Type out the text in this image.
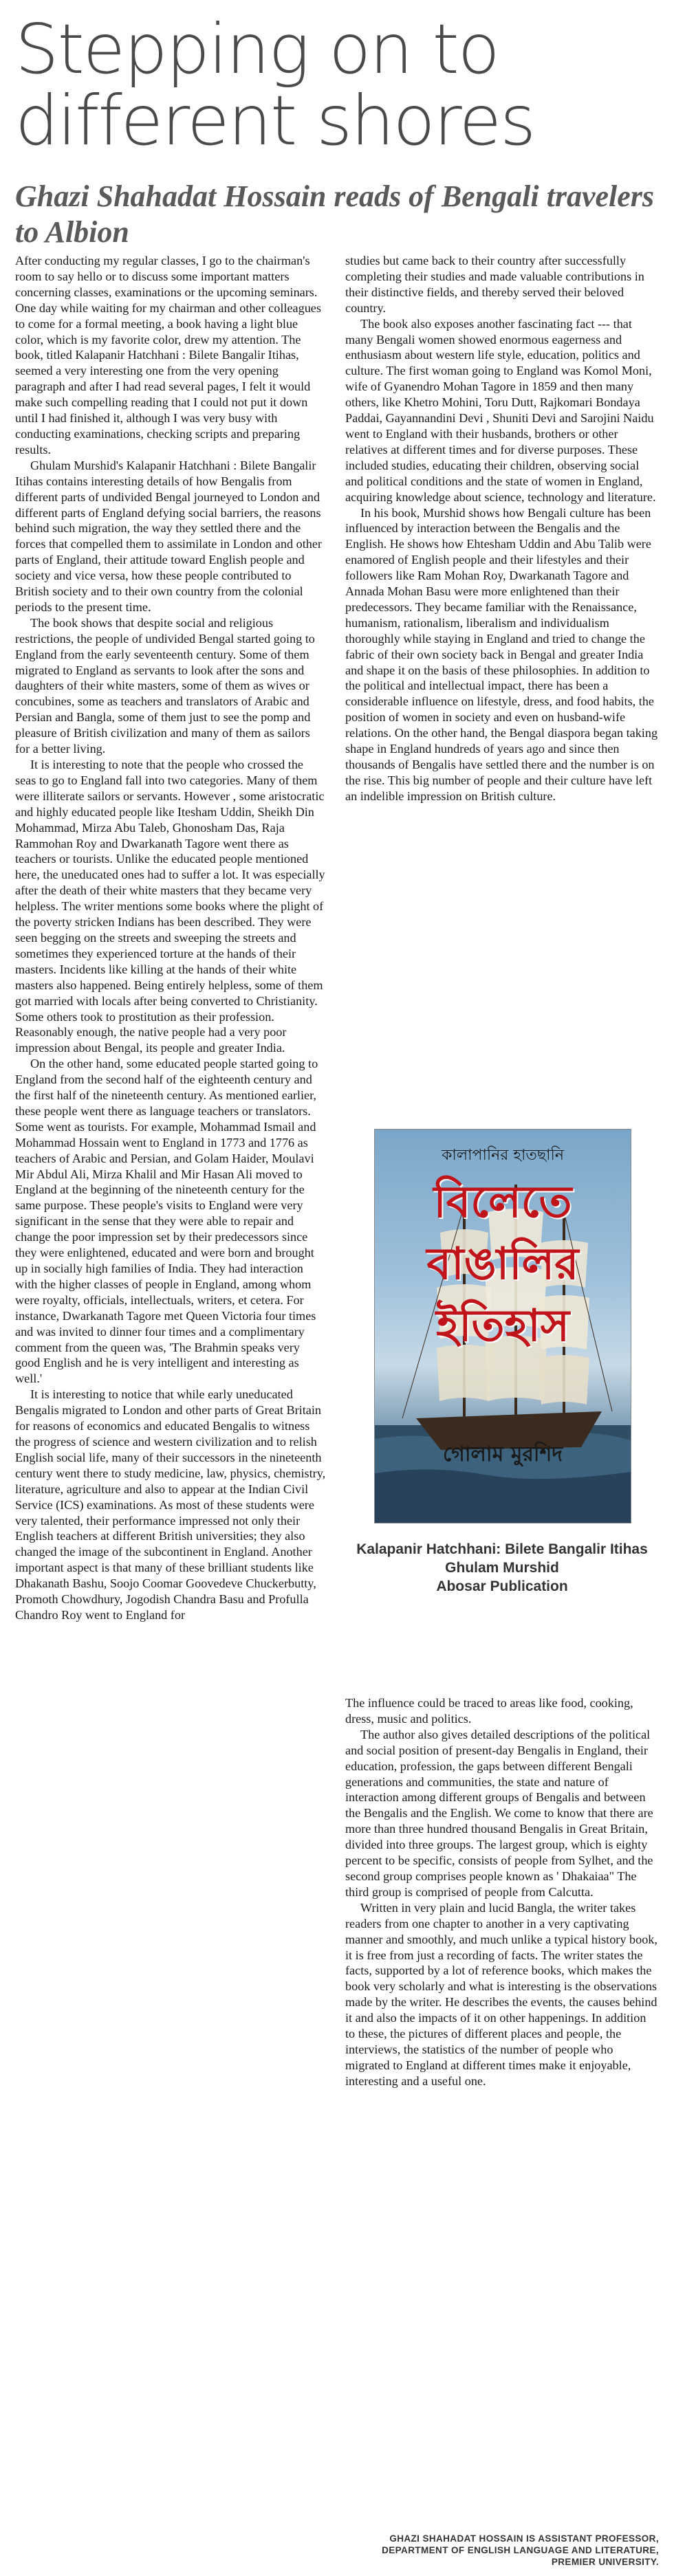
Stepping on to different shores
Ghazi Shahadat Hossain reads of Bengali travelers to Albion

After conducting my regular classes, I go to the chairman's room to say hello or to discuss some important matters concerning classes, examinations or the upcoming seminars. One day while waiting for my chairman and other colleagues to come for a formal meeting, a book having a light blue color, which is my favorite color, drew my attention. The book, titled Kalapanir Hatchhani : Bilete Bangalir Itihas, seemed a very interesting one from the very opening paragraph and after I had read several pages, I felt it would make such compelling reading that I could not put it down until I had finished it, although I was very busy with conducting examinations, checking scripts and preparing results.

Ghulam Murshid's Kalapanir Hatchhani : Bilete Bangalir Itihas contains interesting details of how Bengalis from different parts of undivided Bengal journeyed to London and different parts of England defying social barriers, the reasons behind such migration, the way they settled there and the forces that compelled them to assimilate in London and other parts of England, their attitude toward English people and society and vice versa, how these people contributed to British society and to their own country from the colonial periods to the present time.

The book shows that despite social and religious restrictions, the people of undivided Bengal started going to England from the early seventeenth century. Some of them migrated to England as servants to look after the sons and daughters of their white masters, some of them as wives or concubines, some as teachers and translators of Arabic and Persian and Bangla, some of them just to see the pomp and pleasure of British civilization and many of them as sailors for a better living.

It is interesting to note that the people who crossed the seas to go to England fall into two categories. Many of them were illiterate sailors or servants. However , some aristocratic and highly educated people like Itesham Uddin, Sheikh Din Mohammad, Mirza Abu Taleb, Ghonosham Das, Raja Rammohan Roy and Dwarkanath Tagore went there as teachers or tourists. Unlike the educated people mentioned here, the uneducated ones had to suffer a lot. It was especially after the death of their white masters that they became very helpless. The writer mentions some books where the plight of the poverty stricken Indians has been described. They were seen begging on the streets and sweeping the streets and sometimes they experienced torture at the hands of their masters. Incidents like killing at the hands of their white masters also happened. Being entirely helpless, some of them got married with locals after being converted to Christianity. Some others took to prostitution as their profession. Reasonably enough, the native people had a very poor impression about Bengal, its people and greater India.

On the other hand, some educated people started going to England from the second half of the eighteenth century and the first half of the nineteenth century. As mentioned earlier, these people went there as language teachers or translators. Some went as tourists. For example, Mohammad Ismail and Mohammad Hossain went to England in 1773 and 1776 as teachers of Arabic and Persian, and Golam Haider, Moulavi Mir Abdul Ali, Mirza Khalil and Mir Hasan Ali moved to England at the beginning of the nineteenth century for the same purpose. These people's visits to England were very significant in the sense that they were able to repair and change the poor impression set by their predecessors since they were enlightened, educated and were born and brought up in socially high families of India. They had interaction with the higher classes of people in England, among whom were royalty, officials, intellectuals, writers, et cetera. For instance, Dwarkanath Tagore met Queen Victoria four times and was invited to dinner four times and a complimentary comment from the queen was, 'The Brahmin speaks very good English and he is very intelligent and interesting as well.'

It is interesting to notice that while early uneducated Bengalis migrated to London and other parts of Great Britain for reasons of economics and educated Bengalis to witness the progress of science and western civilization and to relish English social life, many of their successors in the nineteenth century went there to study medicine, law, physics, chemistry, literature, agriculture and also to appear at the Indian Civil Service (ICS) examinations. As most of these students were very talented, their performance impressed not only their English teachers at different British universities; they also changed the image of the subcontinent in England. Another important aspect is that many of these brilliant students like Dhakanath Bashu, Soojo Coomar Goovedeve Chuckerbutty, Promoth Chowdhury, Jogodish Chandra Basu and Profulla Chandro Roy went to England for

studies but came back to their country after successfully completing their studies and made valuable contributions in their distinctive fields, and thereby served their beloved country.

The book also exposes another fascinating fact --- that many Bengali women showed enormous eagerness and enthusiasm about western life style, education, politics and culture. The first woman going to England was Komol Moni, wife of Gyanendro Mohan Tagore in 1859 and then many others, like Khetro Mohini, Toru Dutt, Rajkomari Bondaya Paddai, Gayannandini Devi , Shuniti Devi and Sarojini Naidu went to England with their husbands, brothers or other relatives at different times and for diverse purposes. These included studies, educating their children, observing social and political conditions and the state of women in England, acquiring knowledge about science, technology and literature.

In his book, Murshid shows how Bengali culture has been influenced by interaction between the Bengalis and the English. He shows how Ehtesham Uddin and Abu Talib were enamored of English people and their lifestyles and their followers like Ram Mohan Roy, Dwarkanath Tagore and Annada Mohan Basu were more enlightened than their predecessors. They became familiar with the Renaissance, humanism, rationalism, liberalism and individualism thoroughly while staying in England and tried to change the fabric of their own society back in Bengal and greater India and shape it on the basis of these philosophies. In addition to the political and intellectual impact, there has been a considerable influence on lifestyle, dress, and food habits, the position of women in society and even on husband-wife relations. On the other hand, the Bengal diaspora began taking shape in England hundreds of years ago and since then thousands of Bengalis have settled there and the number is on the rise. This big number of people and their culture have left an indelible impression on British culture.

কালাপানির হাতছানি
বিলেতে
বাঙালির
ইতিহাস
গোলাম মুরশিদ
Kalapanir Hatchhani: Bilete Bangalir Itihas
Ghulam Murshid
Abosar Publication

The influence could be traced to areas like food, cooking, dress, music and politics.

The author also gives detailed descriptions of the political and social position of present-day Bengalis in England, their education, profession, the gaps between different Bengali generations and communities, the state and nature of interaction among different groups of Bengalis and between the Bengalis and the English. We come to know that there are more than three hundred thousand Bengalis in Great Britain, divided into three groups. The largest group, which is eighty percent to be specific, consists of people from Sylhet, and the second group comprises people known as ' Dhakaiaa" The third group is comprised of people from Calcutta.

Written in very plain and lucid Bangla, the writer takes readers from one chapter to another in a very captivating manner and smoothly, and much unlike a typical history book, it is free from just a recording of facts. The writer states the facts, supported by a lot of reference books, which makes the book very scholarly and what is interesting is the observations made by the writer. He describes the events, the causes behind it and also the impacts of it on other happenings. In addition to these, the pictures of different places and people, the interviews, the statistics of the number of people who migrated to England at different times make it enjoyable, interesting and a useful one.

GHAZI SHAHADAT HOSSAIN IS ASSISTANT PROFESSOR, DEPARTMENT OF ENGLISH LANGUAGE AND LITERATURE, PREMIER UNIVERSITY.
